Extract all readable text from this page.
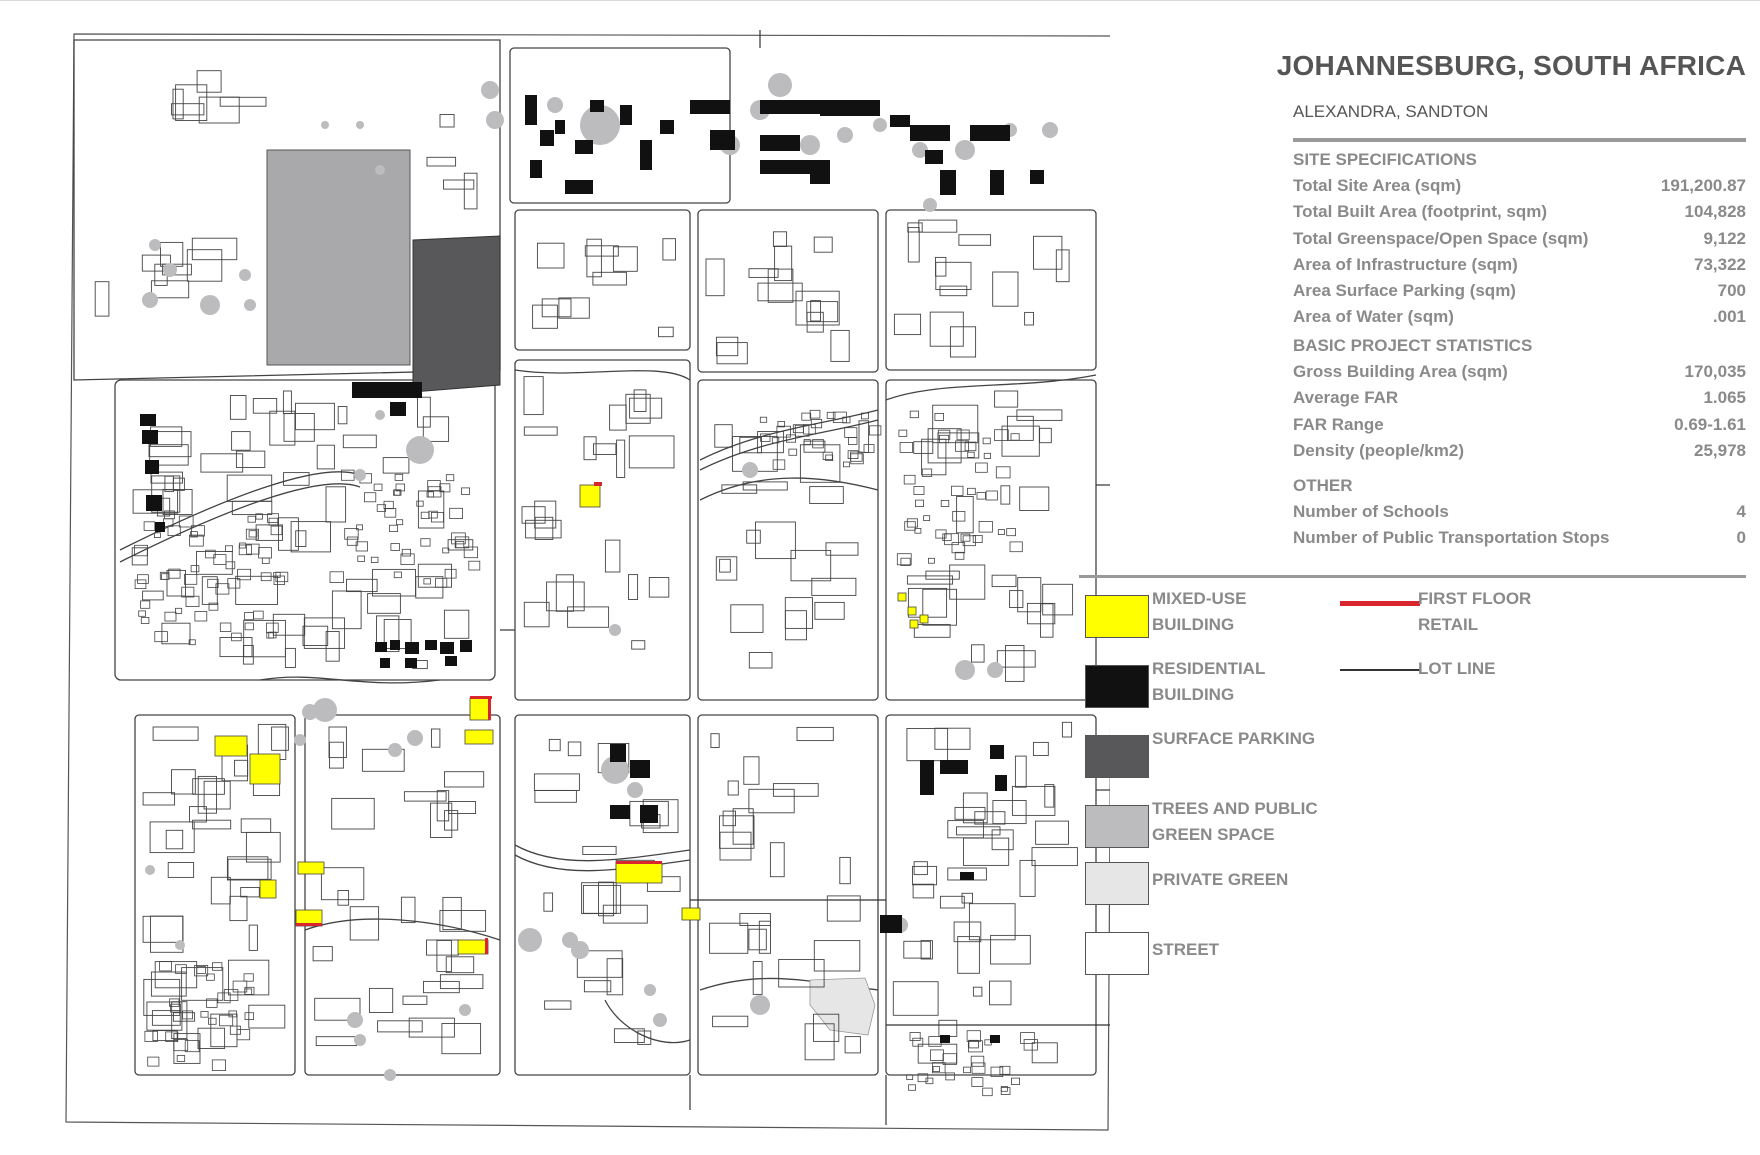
JOHANNESBURG, SOUTH AFRICA
ALEXANDRA, SANDTON
SITE SPECIFICATIONS
Total Site Area (sqm)	191,200.87
Total Built Area (footprint, sqm)	104,828
Total Greenspace/Open Space (sqm)	9,122
Area of Infrastructure (sqm)	73,322
Area Surface Parking (sqm)	700
Area of Water (sqm)	.001
BASIC PROJECT STATISTICS
Gross Building Area (sqm)	170,035
Average FAR	1.065
FAR Range	0.69-1.61
Density (people/km2)	25,978
OTHER
Number of Schools	4
Number of Public Transportation Stops	0
MIXED-USE
BUILDING
RESIDENTIAL
BUILDING
SURFACE PARKING
TREES AND PUBLIC
GREEN SPACE
PRIVATE GREEN
STREET
FIRST FLOOR
RETAIL
LOT LINE
